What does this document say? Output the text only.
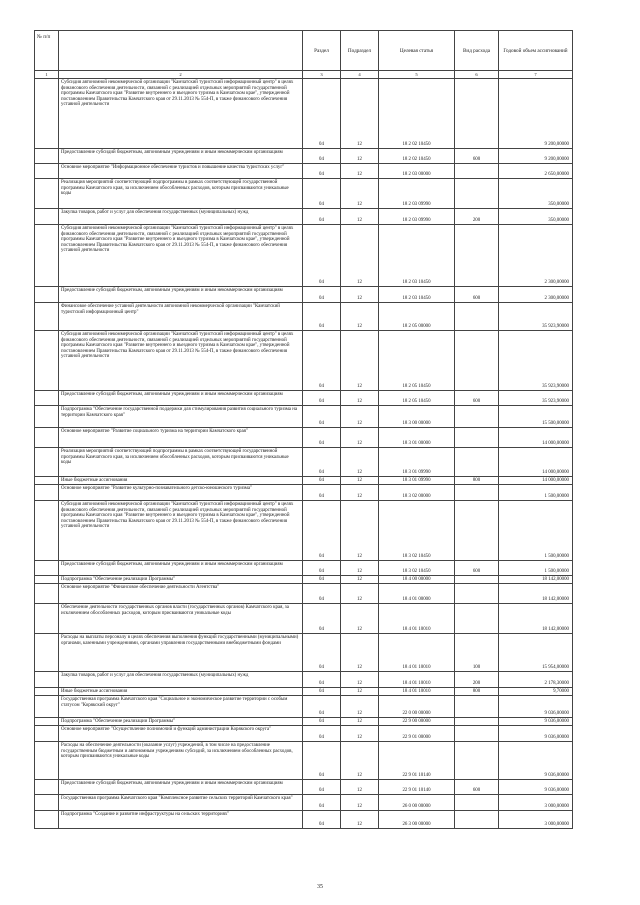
№ п/п		Раздел	Подраздел	Целевая статья	Вид расхода	Годовой объем ассигнований
1	2	3	4	5	6	7
	Субсидия автономной некоммерческой организации "Камчатский туристский информационный центр" в целях финансового обеспечения деятельности, связанной с реализацией отдельных мероприятий государственной программы Камчатского края "Развитие внутреннего и въездного туризма в Камчатском крае", утвержденной постановлением Правительства Камчатского края от 29.11.2013 № 554-П, в также финансового обеспечения уставной деятельности	04	12	18 2 02 10450		9 200,00000
	Предоставление субсидий бюджетным, автономным учреждениям и иным некоммерческим организациям	04	12	18 2 02 10450	600	9 200,00000
	Основное мероприятие "Информационное обеспечение туристов и повышение качества туристских услуг"	04	12	18 2 03 00000		2 650,00000
	Реализация мероприятий соответствующей подпрограммы в рамках соответствующей государственной программы Камчатского края, за исключением обособленных расходов, которым присваиваются уникальные коды	04	12	18 2 03 09990		350,00000
	Закупка товаров, работ и услуг для обеспечения государственных (муниципальных) нужд	04	12	18 2 03 09990	200	350,00000
	Субсидия автономной некоммерческой организации "Камчатский туристский информационный центр" в целях финансового обеспечения деятельности, связанной с реализацией отдельных мероприятий государственной программы Камчатского края "Развитие внутреннего и въездного туризма в Камчатском крае", утвержденной постановлением Правительства Камчатского края от 29.11.2013 № 554-П, в также финансового обеспечения уставной деятельности	04	12	18 2 03 10450		2 300,00000
	Предоставление субсидий бюджетным, автономным учреждениям и иным некоммерческим организациям	04	12	18 2 03 10450	600	2 300,00000
	Финансовое обеспечение уставной деятельности автономной некоммерческой организации "Камчатский туристский информационный центр"	04	12	18 2 05 00000		35 923,90000
	Субсидия автономной некоммерческой организации "Камчатский туристский информационный центр" в целях финансового обеспечения деятельности, связанной с реализацией отдельных мероприятий государственной программы Камчатского края "Развитие внутреннего и въездного туризма в Камчатском крае", утвержденной постановлением Правительства Камчатского края от 29.11.2013 № 554-П, в также финансового обеспечения уставной деятельности	04	12	18 2 05 10450		35 923,90000
	Предоставление субсидий бюджетным, автономным учреждениям и иным некоммерческим организациям	04	12	18 2 05 10450	600	35 923,90000
	Подпрограмма "Обеспечение государственной поддержки для стимулирования развития социального туризма на территории Камчатского края"	04	12	18 3 00 00000		15 500,00000
	Основное мероприятие "Развитие социального туризма на территории Камчатского края"	04	12	18 3 01 00000		14 000,00000
	Реализация мероприятий соответствующей подпрограммы в рамках соответствующей государственной программы Камчатского края, за исключением обособленных расходов, которым присваиваются уникальные коды	04	12	18 3 01 09990		14 000,00000
	Иные бюджетные ассигнования	04	12	18 3 01 09990	800	14 000,00000
	Основное мероприятие "Развитие культурно-познавательного детско-юношеского туризма"	04	12	18 3 02 00000		1 500,00000
	Субсидия автономной некоммерческой организации "Камчатский туристский информационный центр" в целях финансового обеспечения деятельности, связанной с реализацией отдельных мероприятий государственной программы Камчатского края "Развитие внутреннего и въездного туризма в Камчатском крае", утвержденной постановлением Правительства Камчатского края от 29.11.2013 № 554-П, в также финансового обеспечения уставной деятельности	04	12	18 3 02 10450		1 500,00000
	Предоставление субсидий бюджетным, автономным учреждениям и иным некоммерческим организациям	04	12	18 3 02 10450	600	1 500,00000
	Подпрограмма "Обеспечение реализации Программы"	04	12	18 4 00 00000		18 142,00000
	Основное мероприятие "Финансовое обеспечение деятельности Агентства"	04	12	18 4 01 00000		18 142,00000
	Обеспечение деятельности государственных органов власти (государственных органов) Камчатского края, за исключением обособленных расходов, которым присваиваются уникальные коды	04	12	18 4 01 10010		18 142,00000
	Расходы на выплаты персоналу в целях обеспечения выполнения функций государственными (муниципальными) органами, казенными учреждениями, органами управления государственными внебюджетными фондами	04	12	18 4 01 10010	100	15 954,00000
	Закупка товаров, работ и услуг для обеспечения государственных (муниципальных) нужд	04	12	18 4 01 10010	200	2 178,30000
	Иные бюджетные ассигнования	04	12	18 4 01 10010	800	9,70000
	Государственная программа Камчатского края "Социальное и экономическое развитие территории с особым статусом "Корякский округ"	04	12	22 0 00 00000		9 036,00000
	Подпрограмма "Обеспечение реализации Программы"	04	12	22 9 00 00000		9 036,00000
	Основное мероприятие "Осуществление полномочий и функций администрации Корякского округа"	04	12	22 9 01 00000		9 036,00000
	Расходы на обеспечение деятельности (оказание услуг) учреждений, в том числе на предоставление государственным бюджетным и автономным учреждениям субсидий, за исключением обособленных расходов, которым присваиваются уникальные коды	04	12	22 9 01 10140		9 036,00000
	Предоставление субсидий бюджетным, автономным учреждениям и иным некоммерческим организациям	04	12	22 9 01 10140	600	9 036,00000
	Государственная программа Камчатского края "Комплексное развитие сельских территорий Камчатского края"	04	12	26 0 00 00000		3 000,00000
	Подпрограмма "Создание и развитие инфраструктуры на сельских территориях"	04	12	26 3 00 00000		3 000,00000
35
